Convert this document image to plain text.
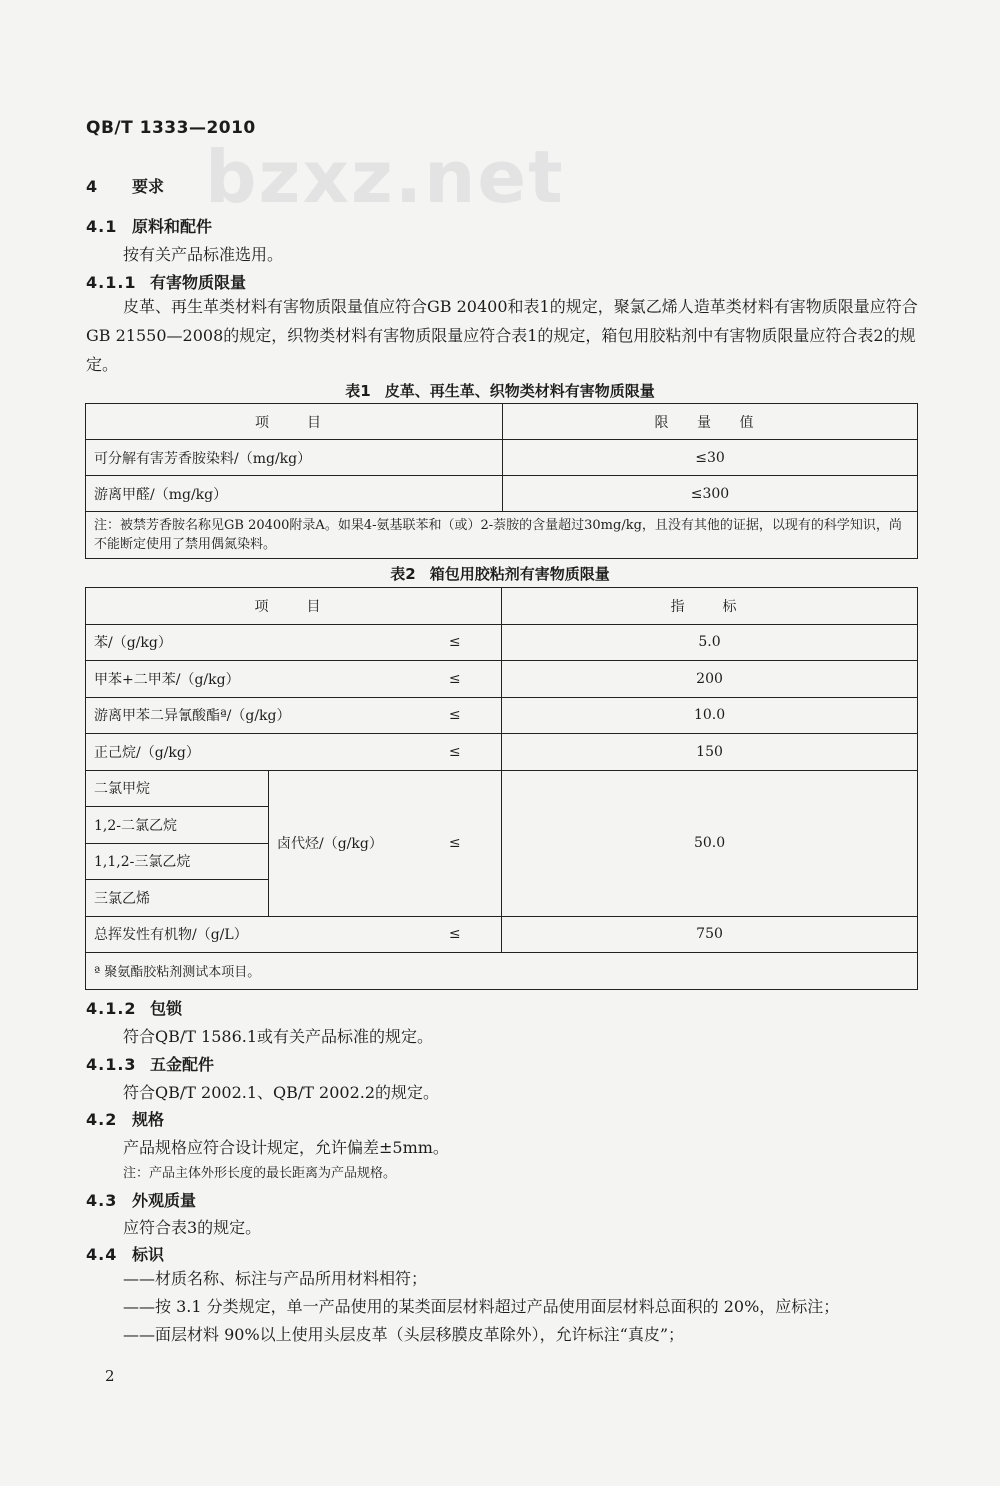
QB/T 1333—2010
bzxz.net
4 要求
4.1 原料和配件
按有关产品标准选用。
4.1.1 有害物质限量
皮革、再生革类材料有害物质限量值应符合GB 20400和表1的规定，聚氯乙烯人造革类材料有害物质限量应符合GB 21550—2008的规定，织物类材料有害物质限量应符合表1的规定，箱包用胶粘剂中有害物质限量应符合表2的规定。
表1 皮革、再生革、织物类材料有害物质限量
项　目	限 量 值
可分解有害芳香胺染料/（mg/kg）	≤30
游离甲醛/（mg/kg）	≤300
注：被禁芳香胺名称见GB 20400附录A。如果4-氨基联苯和（或）2-萘胺的含量超过30mg/kg，且没有其他的证据，以现有的科学知识，尚不能断定使用了禁用偶氮染料。	
表2 箱包用胶粘剂有害物质限量
项　目			指　标
苯/（g/kg）		≤	5.0
甲苯+二甲苯/（g/kg）		≤	200
游离甲苯二异氰酸酯ª/（g/kg）		≤	10.0
正己烷/（g/kg）		≤	150
二氯甲烷	卤代烃/（g/kg）	≤	50.0
1,2-二氯乙烷			
1,1,2-三氯乙烷			
三氯乙烯			
总挥发性有机物/（g/L）		≤	750
ª 聚氨酯胶粘剂测试本项目。			
4.1.2 包锁
符合QB/T 1586.1或有关产品标准的规定。
4.1.3 五金配件
符合QB/T 2002.1、QB/T 2002.2的规定。
4.2 规格
产品规格应符合设计规定，允许偏差±5mm。
注：产品主体外形长度的最长距离为产品规格。
4.3 外观质量
应符合表3的规定。
4.4 标识
——材质名称、标注与产品所用材料相符；
——按 3.1 分类规定，单一产品使用的某类面层材料超过产品使用面层材料总面积的 20%，应标注；
——面层材料 90%以上使用头层皮革（头层移膜皮革除外），允许标注“真皮”；
2
